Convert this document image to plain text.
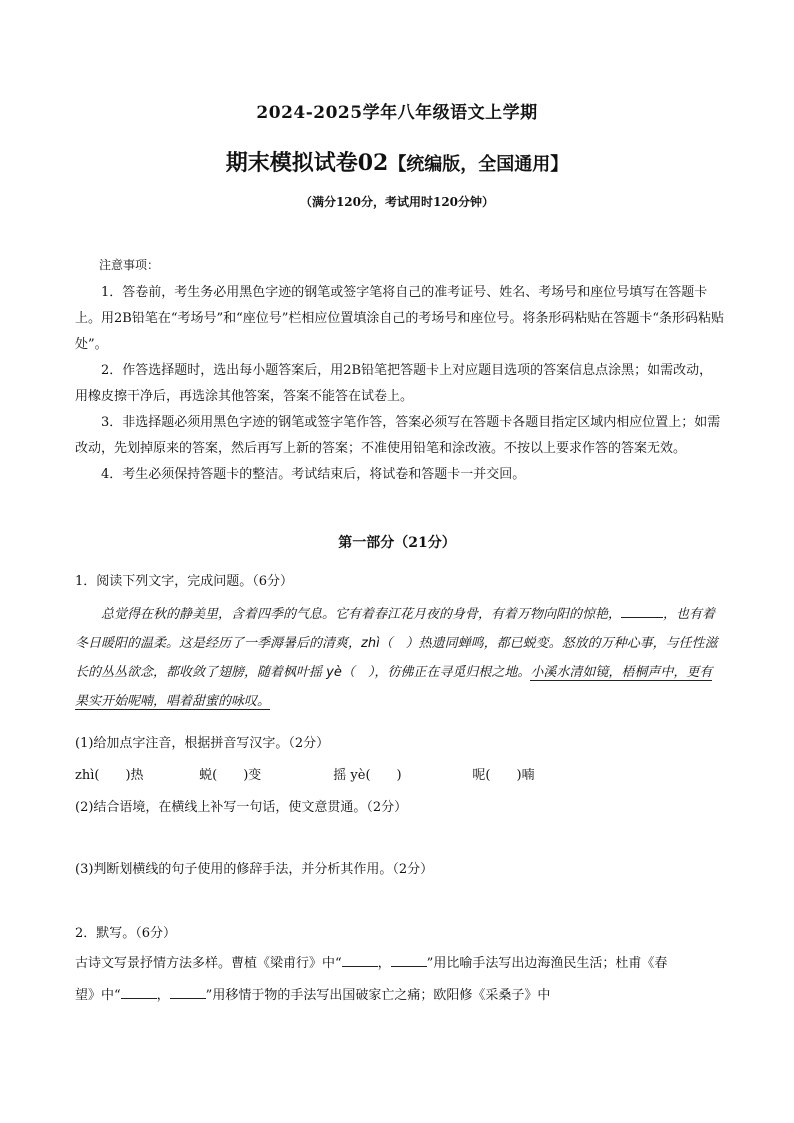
2024-2025学年八年级语文上学期
期末模拟试卷02【统编版，全国通用】
（满分120分，考试用时120分钟）
注意事项：

1．答卷前，考生务必用黑色字迹的钢笔或签字笔将自己的准考证号、姓名、考场号和座位号填写在答题卡上。用2B铅笔在“考场号”和“座位号”栏相应位置填涂自己的考场号和座位号。将条形码粘贴在答题卡“条形码粘贴处”。

2．作答选择题时，选出每小题答案后，用2B铅笔把答题卡上对应题目选项的答案信息点涂黑；如需改动，用橡皮擦干净后，再选涂其他答案，答案不能答在试卷上。

3．非选择题必须用黑色字迹的钢笔或签字笔作答，答案必须写在答题卡各题目指定区域内相应位置上；如需改动，先划掉原来的答案，然后再写上新的答案；不准使用铅笔和涂改液。不按以上要求作答的答案无效。

4．考生必须保持答题卡的整洁。考试结束后，将试卷和答题卡一并交回。

第一部分（21分）
1．阅读下列文字，完成问题。（6分）

总觉得在秋的静美里，含着四季的气息。它有着春江花月夜的身骨，有着万物向阳的惊艳，	，也有着冬日暖阳的温柔。这是经历了一季溽暑后的清爽，zhì（　）热遗同蝉鸣，都已蜕变。怒放的万种心事，与任性滋长的丛丛欲念，都收敛了翅膀，随着枫叶摇 yè（　），彷佛正在寻觅归根之地。小溪水清如镜，梧桐声中，更有果实开始呢喃，唱着甜蜜的咏叹。

(1)给加点字注音，根据拼音写汉字。（2分）
zhì(　　)热	蜕(　　)变	摇 yè(　　)	呢(　　)喃
(2)结合语境，在横线上补写一句话，使文意贯通。（2分）
(3)判断划横线的句子使用的修辞手法，并分析其作用。（2分）
2．默写。（6分）
古诗文写景抒情方法多样。曹植《梁甫行》中“	，	”用比喻手法写出边海渔民生活；杜甫《春
望》中“	，	”用移情于物的手法写出国破家亡之痛；欧阳修《采桑子》中
